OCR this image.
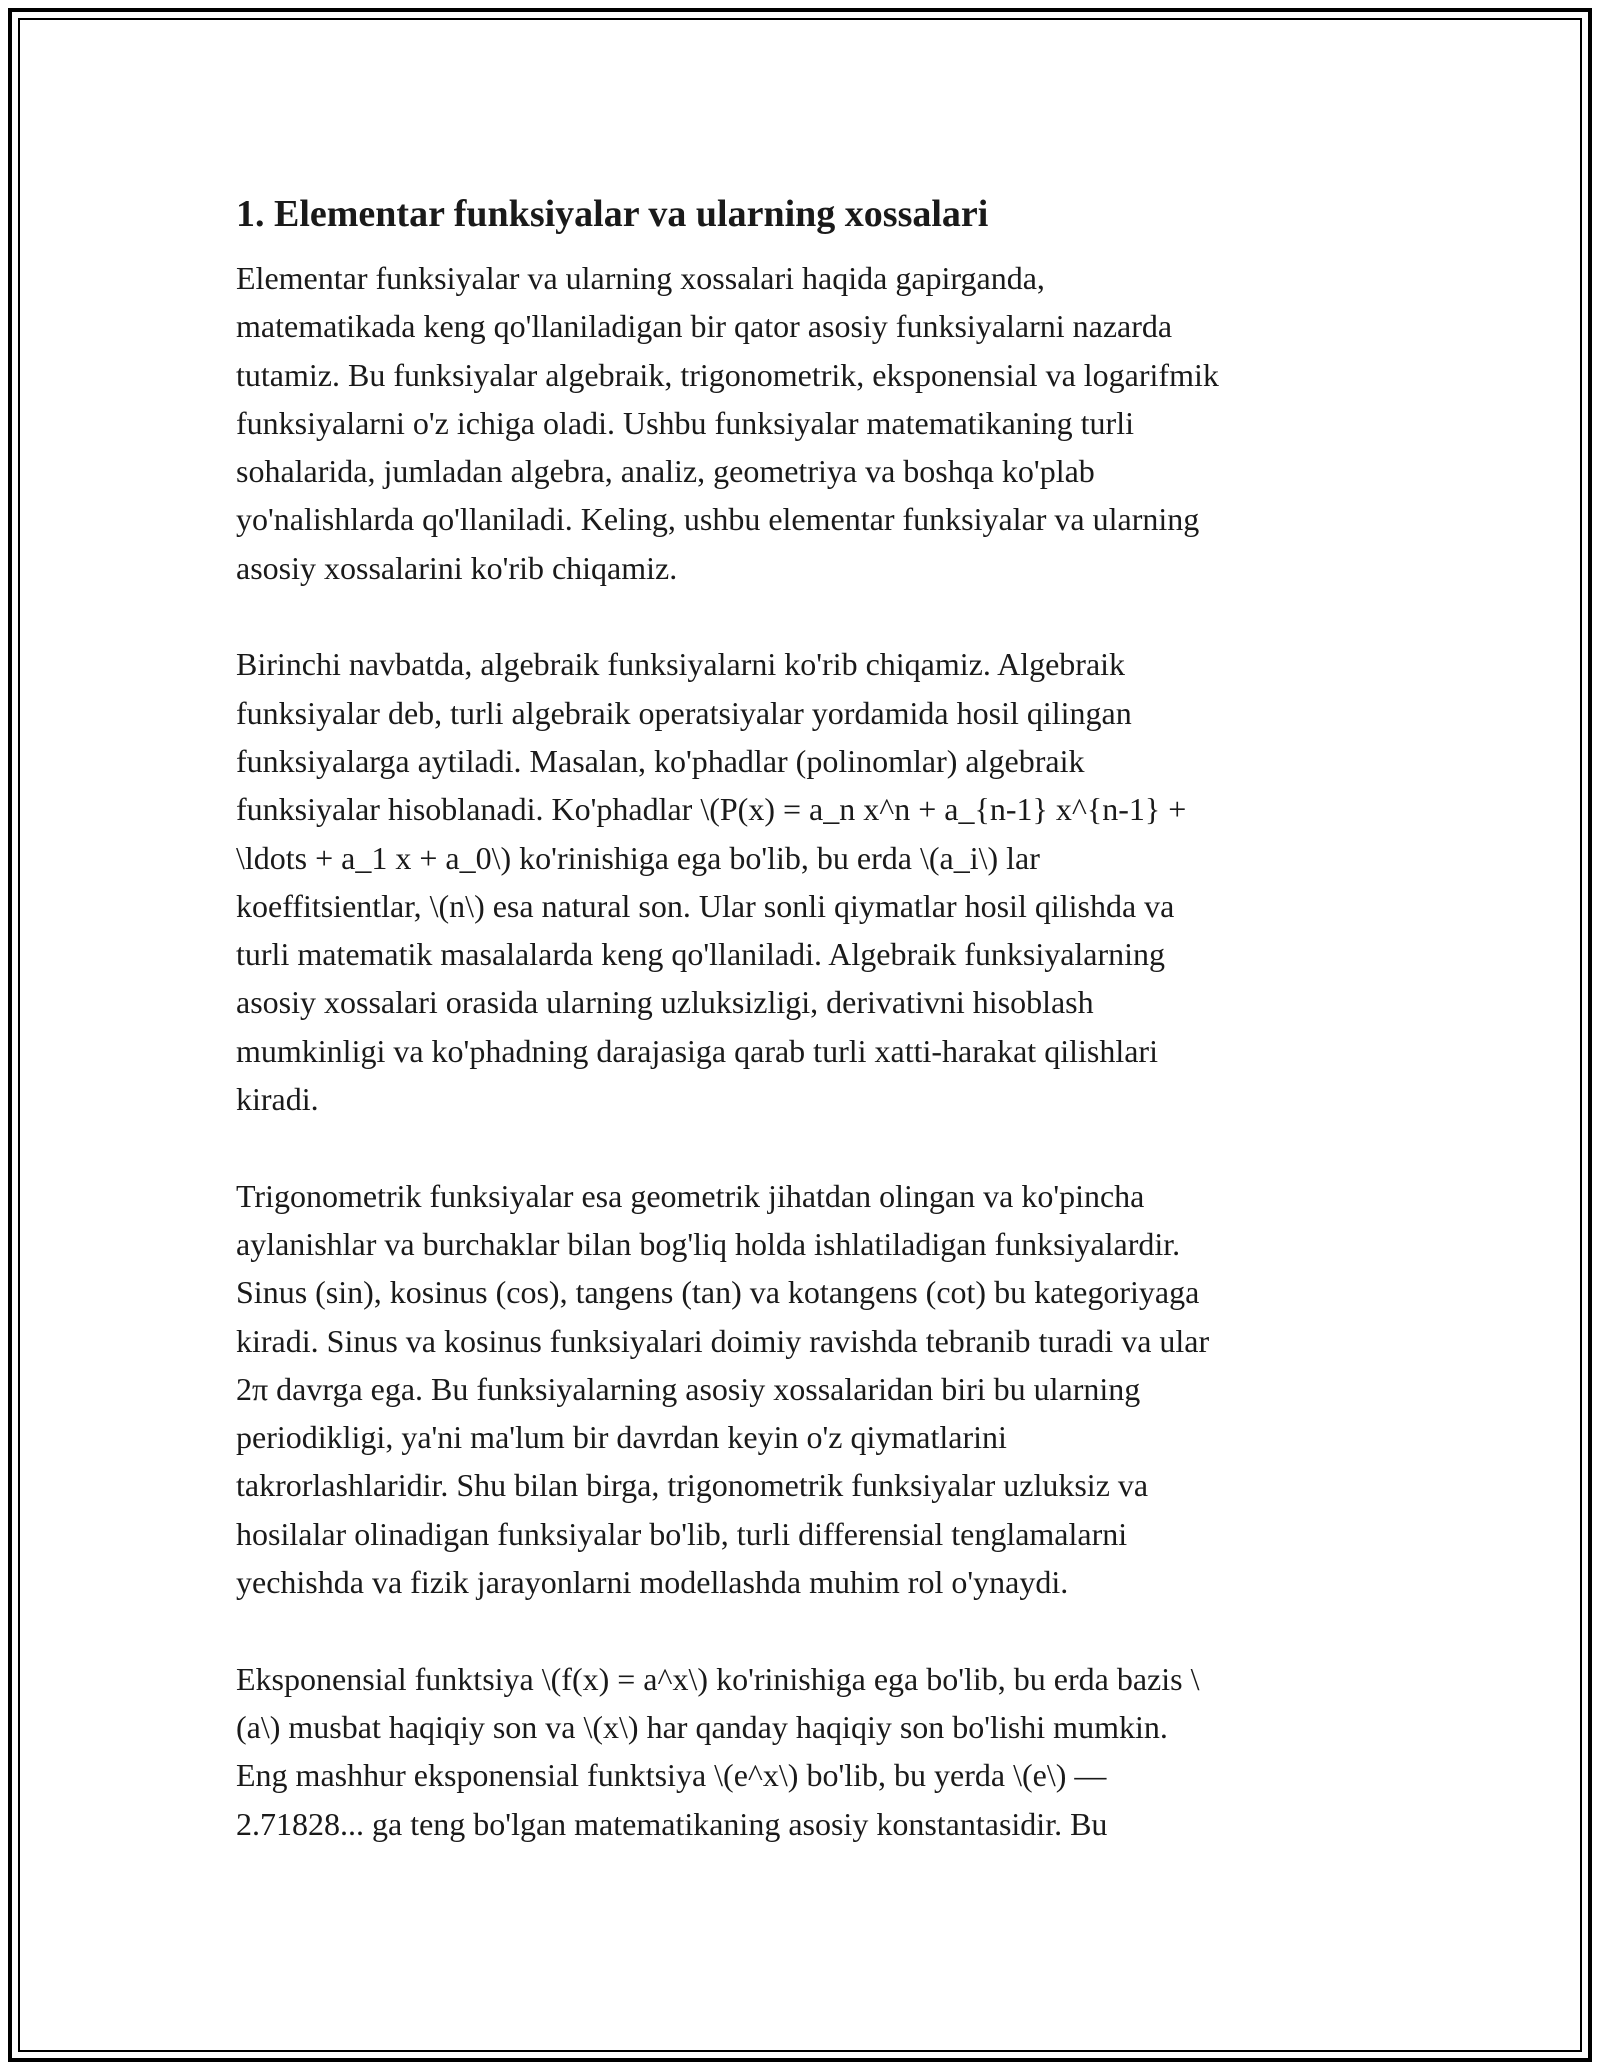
1. Elementar funksiyalar va ularning xossalari

Elementar funksiyalar va ularning xossalari haqida gapirganda,
matematikada keng qo'llaniladigan bir qator asosiy funksiyalarni nazarda
tutamiz. Bu funksiyalar algebraik, trigonometrik, eksponensial va logarifmik
funksiyalarni o'z ichiga oladi. Ushbu funksiyalar matematikaning turli
sohalarida, jumladan algebra, analiz, geometriya va boshqa ko'plab
yo'nalishlarda qo'llaniladi. Keling, ushbu elementar funksiyalar va ularning
asosiy xossalarini ko'rib chiqamiz.

Birinchi navbatda, algebraik funksiyalarni ko'rib chiqamiz. Algebraik
funksiyalar deb, turli algebraik operatsiyalar yordamida hosil qilingan
funksiyalarga aytiladi. Masalan, ko'phadlar (polinomlar) algebraik
funksiyalar hisoblanadi. Ko'phadlar \(P(x) = a_n x^n + a_{n-1} x^{n-1} +
\ldots + a_1 x + a_0\) ko'rinishiga ega bo'lib, bu erda \(a_i\) lar
koeffitsientlar, \(n\) esa natural son. Ular sonli qiymatlar hosil qilishda va
turli matematik masalalarda keng qo'llaniladi. Algebraik funksiyalarning
asosiy xossalari orasida ularning uzluksizligi, derivativni hisoblash
mumkinligi va ko'phadning darajasiga qarab turli xatti-harakat qilishlari
kiradi.

Trigonometrik funksiyalar esa geometrik jihatdan olingan va ko'pincha
aylanishlar va burchaklar bilan bog'liq holda ishlatiladigan funksiyalardir.
Sinus (sin), kosinus (cos), tangens (tan) va kotangens (cot) bu kategoriyaga
kiradi. Sinus va kosinus funksiyalari doimiy ravishda tebranib turadi va ular
2π davrga ega. Bu funksiyalarning asosiy xossalaridan biri bu ularning
periodikligi, ya'ni ma'lum bir davrdan keyin o'z qiymatlarini
takrorlashlaridir. Shu bilan birga, trigonometrik funksiyalar uzluksiz va
hosilalar olinadigan funksiyalar bo'lib, turli differensial tenglamalarni
yechishda va fizik jarayonlarni modellashda muhim rol o'ynaydi.

Eksponensial funktsiya \(f(x) = a^x\) ko'rinishiga ega bo'lib, bu erda bazis \
(a\) musbat haqiqiy son va \(x\) har qanday haqiqiy son bo'lishi mumkin.
Eng mashhur eksponensial funktsiya \(e^x\) bo'lib, bu yerda \(e\) —
2.71828... ga teng bo'lgan matematikaning asosiy konstantasidir. Bu
